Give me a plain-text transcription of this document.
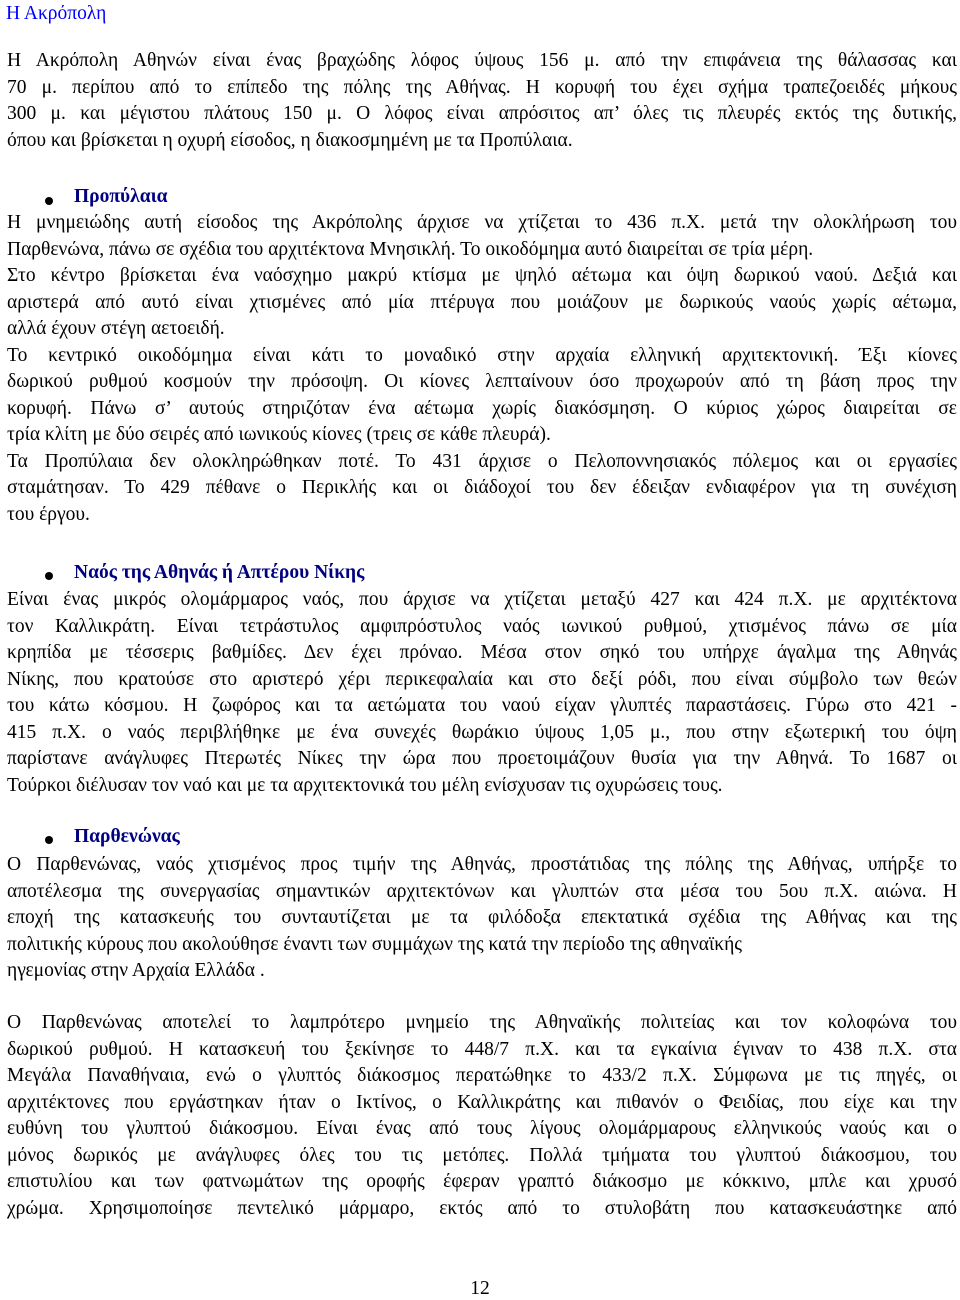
Η Ακρόπολη
Η Ακρόπολη Αθηνών είναι ένας βραχώδης λόφος ύψους 156 μ. από την επιφάνεια της θάλασσας και
70 μ. περίπου από το επίπεδο της πόλης της Αθήνας. Η κορυφή του έχει σχήμα τραπεζοειδές μήκους
300 μ. και μέγιστου πλάτους 150 μ. Ο λόφος είναι απρόσιτος απ’ όλες τις πλευρές εκτός της δυτικής,
όπου και βρίσκεται η οχυρή είσοδος, η διακοσμημένη με τα Προπύλαια.
Προπύλαια
Η μνημειώδης αυτή είσοδος της Ακρόπολης άρχισε να χτίζεται το 436 π.Χ. μετά την ολοκλήρωση του
Παρθενώνα, πάνω σε σχέδια του αρχιτέκτονα Μνησικλή. Το οικοδόμημα αυτό διαιρείται σε τρία μέρη.
Στο κέντρο βρίσκεται ένα ναόσχημο μακρύ κτίσμα με ψηλό αέτωμα και όψη δωρικού ναού. Δεξιά και
αριστερά από αυτό είναι χτισμένες από μία πτέρυγα που μοιάζουν με δωρικούς ναούς χωρίς αέτωμα,
αλλά έχουν στέγη αετοειδή.
Το κεντρικό οικοδόμημα είναι κάτι το μοναδικό στην αρχαία ελληνική αρχιτεκτονική. Έξι κίονες
δωρικού ρυθμού κοσμούν την πρόσοψη. Οι κίονες λεπταίνουν όσο προχωρούν από τη βάση προς την
κορυφή. Πάνω σ’ αυτούς στηριζόταν ένα αέτωμα χωρίς διακόσμηση. Ο κύριος χώρος διαιρείται σε
τρία κλίτη με δύο σειρές από ιωνικούς κίονες (τρεις σε κάθε πλευρά).
Τα Προπύλαια δεν ολοκληρώθηκαν ποτέ. Το 431 άρχισε ο Πελοποννησιακός πόλεμος και οι εργασίες
σταμάτησαν. Το 429 πέθανε ο Περικλής και οι διάδοχοί του δεν έδειξαν ενδιαφέρον για τη συνέχιση
του έργου.
Ναός της Αθηνάς ή Απτέρου Νίκης
Είναι ένας μικρός ολομάρμαρος ναός, που άρχισε να χτίζεται μεταξύ 427 και 424 π.Χ. με αρχιτέκτονα
τον Καλλικράτη. Είναι τετράστυλος αμφιπρόστυλος ναός ιωνικού ρυθμού, χτισμένος πάνω σε μία
κρηπίδα με τέσσερις βαθμίδες. Δεν έχει πρόναο. Μέσα στον σηκό του υπήρχε άγαλμα της Αθηνάς
Νίκης, που κρατούσε στο αριστερό χέρι περικεφαλαία και στο δεξί ρόδι, που είναι σύμβολο των θεών
του κάτω κόσμου. Η ζωφόρος και τα αετώματα του ναού είχαν γλυπτές παραστάσεις. Γύρω στο 421 -
415 π.Χ. ο ναός περιβλήθηκε με ένα συνεχές θωράκιο ύψους 1,05 μ., που στην εξωτερική του όψη
παρίστανε ανάγλυφες Πτερωτές Νίκες την ώρα που προετοιμάζουν θυσία για την Αθηνά. Το 1687 οι
Τούρκοι διέλυσαν τον ναό και με τα αρχιτεκτονικά του μέλη ενίσχυσαν τις οχυρώσεις τους.
Παρθενώνας
Ο Παρθενώνας, ναός χτισμένος προς τιμήν της Αθηνάς, προστάτιδας της πόλης της Αθήνας, υπήρξε το
αποτέλεσμα της συνεργασίας σημαντικών αρχιτεκτόνων και γλυπτών στα μέσα του 5ου π.Χ. αιώνα. Η
εποχή της κατασκευής του συνταυτίζεται με τα φιλόδοξα επεκτατικά σχέδια της Αθήνας και της
πολιτικής κύρους που ακολούθησε έναντι των συμμάχων της κατά την περίοδο της αθηναϊκής
ηγεμονίας στην Αρχαία Ελλάδα .
Ο Παρθενώνας αποτελεί το λαμπρότερο μνημείο της Αθηναϊκής πολιτείας και τον κολοφώνα του
δωρικού ρυθμού. Η κατασκευή του ξεκίνησε το 448/7 π.Χ. και τα εγκαίνια έγιναν το 438 π.Χ. στα
Μεγάλα Παναθήναια, ενώ ο γλυπτός διάκοσμος περατώθηκε το 433/2 π.Χ. Σύμφωνα με τις πηγές, οι
αρχιτέκτονες που εργάστηκαν ήταν ο Ικτίνος, ο Καλλικράτης και πιθανόν ο Φειδίας, που είχε και την
ευθύνη του γλυπτού διάκοσμου. Είναι ένας από τους λίγους ολομάρμαρους ελληνικούς ναούς και ο
μόνος δωρικός με ανάγλυφες όλες του τις μετόπες. Πολλά τμήματα του γλυπτού διάκοσμου, του
επιστυλίου και των φατνωμάτων της οροφής έφεραν γραπτό διάκοσμο με κόκκινο, μπλε και χρυσό
χρώμα. Χρησιμοποίησε πεντελικό μάρμαρο, εκτός από το στυλοβάτη που κατασκευάστηκε από
12
